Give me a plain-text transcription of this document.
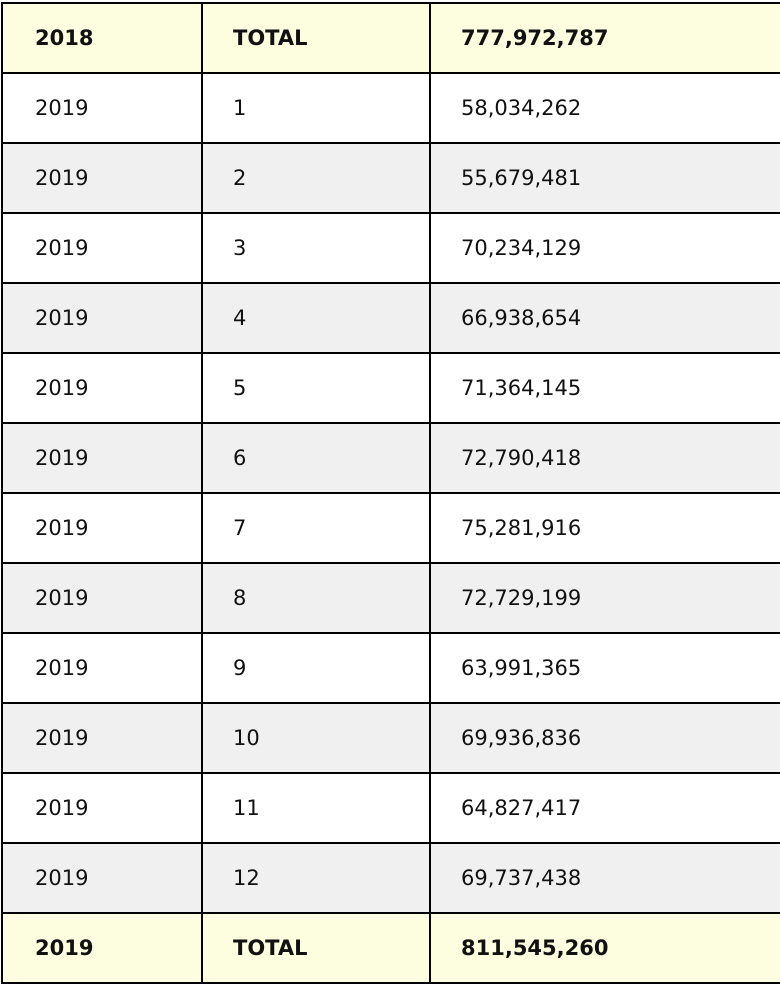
2018	TOTAL	777,972,787
2019	1	58,034,262
2019	2	55,679,481
2019	3	70,234,129
2019	4	66,938,654
2019	5	71,364,145
2019	6	72,790,418
2019	7	75,281,916
2019	8	72,729,199
2019	9	63,991,365
2019	10	69,936,836
2019	11	64,827,417
2019	12	69,737,438
2019	TOTAL	811,545,260
